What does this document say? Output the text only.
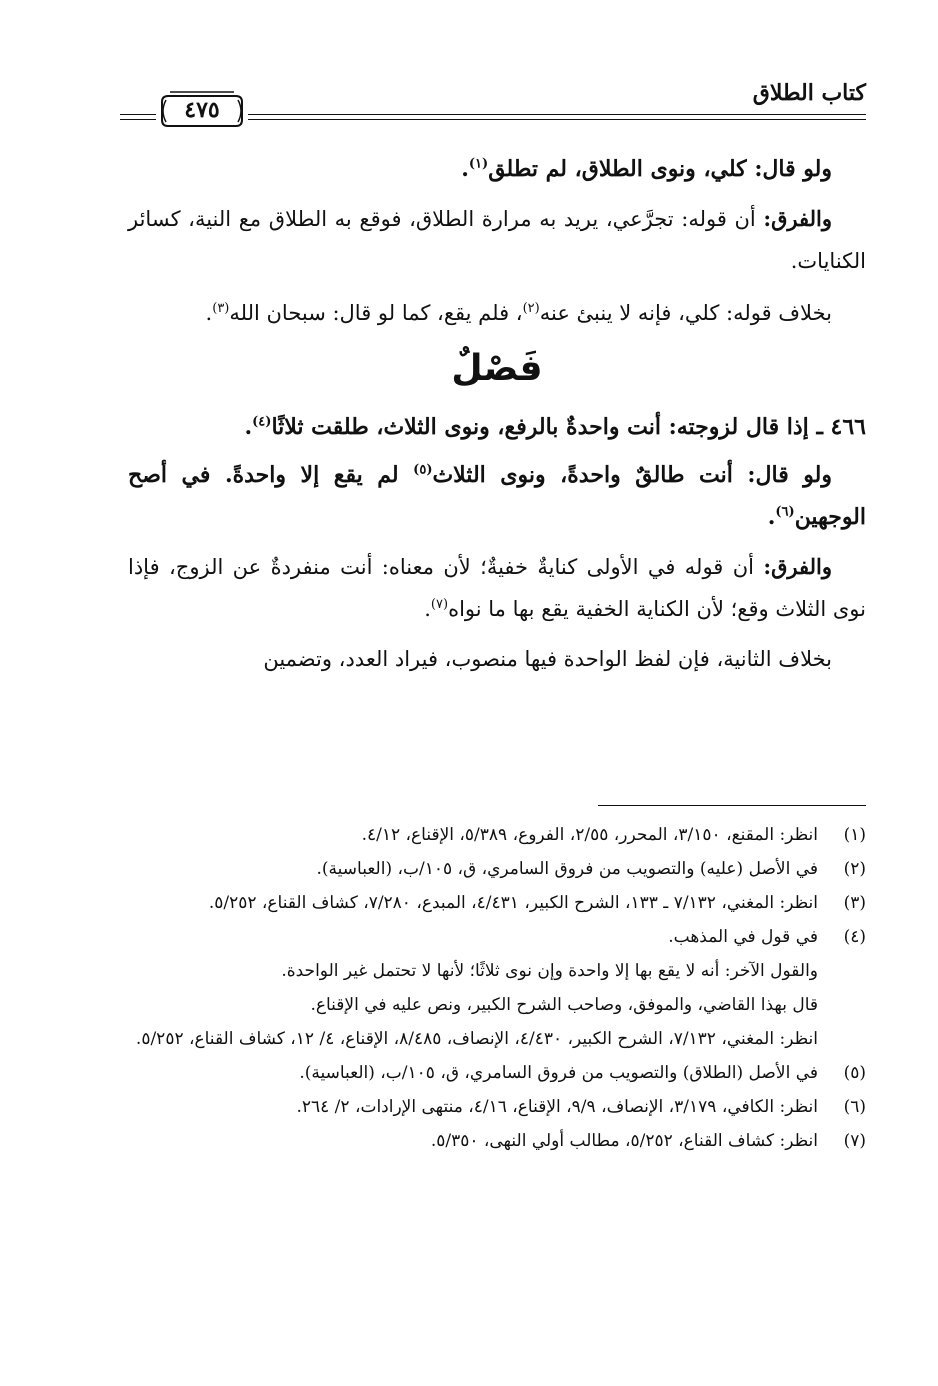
كتاب الطلاق
٤٧٥

ولو قال: كلي، ونوى الطلاق، لم تطلق$^{(١)}$.

والفرق: أن قوله: تجرَّعي، يريد به مرارة الطلاق، فوقع به الطلاق مع النية، كسائر الكنايات.

بخلاف قوله: كلي، فإنه لا ينبئ عنه$^{(٢)}$، فلم يقع، كما لو قال: سبحان الله$^{(٣)}$.

فَصْلٌ

٤٦٦ ـ إذا قال لزوجته: أنت واحدةٌ بالرفع، ونوى الثلاث، طلقت ثلاثًا$^{(٤)}$.

ولو قال: أنت طالقٌ واحدةً، ونوى الثلاث$^{(٥)}$ لم يقع إلا واحدةً. في أصح الوجهين$^{(٦)}$.

والفرق: أن قوله في الأولى كنايةٌ خفيةٌ؛ لأن معناه: أنت منفردةٌ عن الزوج، فإذا نوى الثلاث وقع؛ لأن الكناية الخفية يقع بها ما نواه$^{(٧)}$.

بخلاف الثانية، فإن لفظ الواحدة فيها منصوب، فيراد العدد، وتضمين

(١)
انظر: المقنع، ٣/١٥٠، المحرر، ٢/٥٥، الفروع، ٥/٣٨٩، الإقناع، ٤/١٢.
(٢)
في الأصل (عليه) والتصويب من فروق السامري، ق، ١٠٥/ب، (العباسية).
(٣)
انظر: المغني، ٧/١٣٢ ـ ١٣٣، الشرح الكبير، ٤/٤٣١، المبدع، ٧/٢٨٠، كشاف القناع، ٥/٢٥٢.
(٤)
في قول في المذهب.
والقول الآخر: أنه لا يقع بها إلا واحدة وإن نوى ثلاثًا؛ لأنها لا تحتمل غير الواحدة.
قال بهذا القاضي، والموفق، وصاحب الشرح الكبير، ونص عليه في الإقناع.
انظر: المغني، ٧/١٣٢، الشرح الكبير، ٤/٤٣٠، الإنصاف، ٨/٤٨٥، الإقناع، ٤/ ١٢، كشاف القناع، ٥/٢٥٢.
(٥)
في الأصل (الطلاق) والتصويب من فروق السامري، ق، ١٠٥/ب، (العباسية).
(٦)
انظر: الكافي، ٣/١٧٩، الإنصاف، ٩/٩، الإقناع، ٤/١٦، منتهى الإرادات، ٢/ ٢٦٤.
(٧)
انظر: كشاف القناع، ٥/٢٥٢، مطالب أولي النهى، ٥/٣٥٠.
